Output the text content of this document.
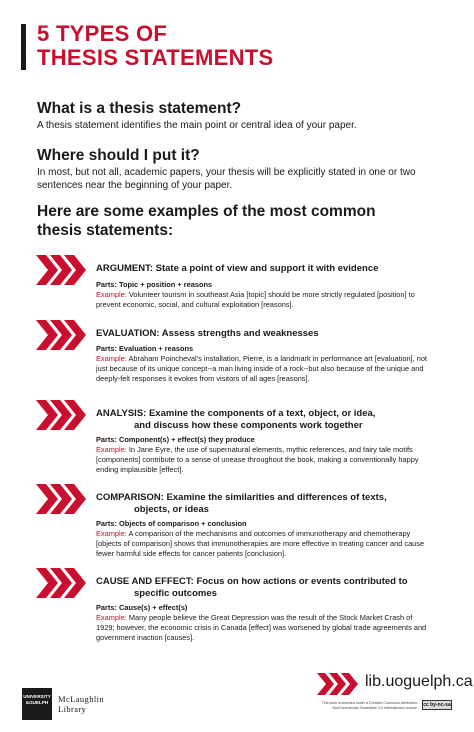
5 TYPES OF
THESIS STATEMENTS
What is a thesis statement?

A thesis statement identifies the main point or central idea of your paper.

Where should I put it?

In most, but not all, academic papers, your thesis will be explicitly stated in one or two
sentences near the beginning of your paper.

Here are some examples of the most common
thesis statements:
ARGUMENT: State a point of view and support it with evidence
Parts: Topic + position + reasons
Example: Volunteer tourism in southeast Asia [topic] should be more strictly regulated [position] to
prevent economic, social, and cultural exploitation [reasons].
EVALUATION: Assess strengths and weaknesses
Parts: Evaluation + reasons
Example: Abraham Poincheval’s installation, Pierre, is a landmark in performance art [evaluation], not
just because of its unique concept--a man living inside of a rock--but also because of the unique and
deeply-felt responses it evokes from visitors of all ages [reasons].
ANALYSIS: Examine the components of a text, object, or idea,
and discuss how these components work together
Parts: Component(s) + effect(s) they produce
Example: In Jane Eyre, the use of supernatural elements, mythic references, and fairy tale motifs
[components] contribute to a sense of unease throughout the book, making a conventionally happy
ending implausible [effect].
COMPARISON: Examine the similarities and differences of texts,
objects, or ideas
Parts: Objects of comparison + conclusion
Example: A comparison of the mechanisms and outcomes of immunotherapy and chemotherapy
[objects of comparison] shows that immunotherapies are more effective in treating cancer and cause
fewer harmful side effects for cancer patients [conclusion].
CAUSE AND EFFECT: Focus on how actions or events contributed to
specific outcomes
Parts: Cause(s) + effect(s)
Example: Many people believe the Great Depression was the result of the Stock Market Crash of
1929; however, the economic crisis in Canada [effect] was worsened by global trade agreements and
government inaction [causes].
UNIVERSITY
&GUELPH	McLaughlin
Library
lib.uoguelph.ca
This work is licensed under a Creative Commons Attribution-
NonCommercial-ShareAlike 4.0 International License. cc by-nc-sa
